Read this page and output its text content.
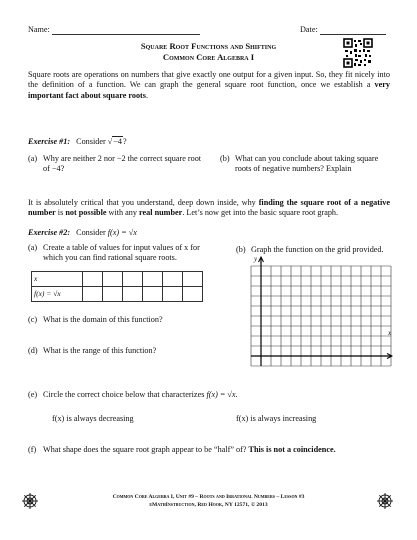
Name:	Date:
Square Root Functions and Shifting
Common Core Algebra I
Square roots are operations on numbers that give exactly one output for a given input. So, they fit nicely into the definition of a function. We can graph the general square root function, once we establish a very important fact about square roots.
Exercise #1: Consider √−4?
(a) Why are neither 2 nor −2 the correct square root of −4?
(b) What can you conclude about taking square roots of negative numbers? Explain
It is absolutely critical that you understand, deep down inside, why finding the square root of a negative number is not possible with any real number. Let’s now get into the basic square root graph.
Exercise #2: Consider f(x) = √x
(a) Create a table of values for input values of x for which you can find rational square roots.
x						
f(x) = √x						
(b) Graph the function on the grid provided.
y
x
(c) What is the domain of this function?
(d) What is the range of this function?
(e) Circle the correct choice below that characterizes f(x) = √x.
f(x) is always decreasing	f(x) is always increasing
(f) What shape does the square root graph appear to be “half” of? This is not a coincidence.
Common Core Algebra I, Unit #9 – Roots and Irrational Numbers – Lesson #3
eMathInstruction, Red Hook, NY 12571, © 2013
